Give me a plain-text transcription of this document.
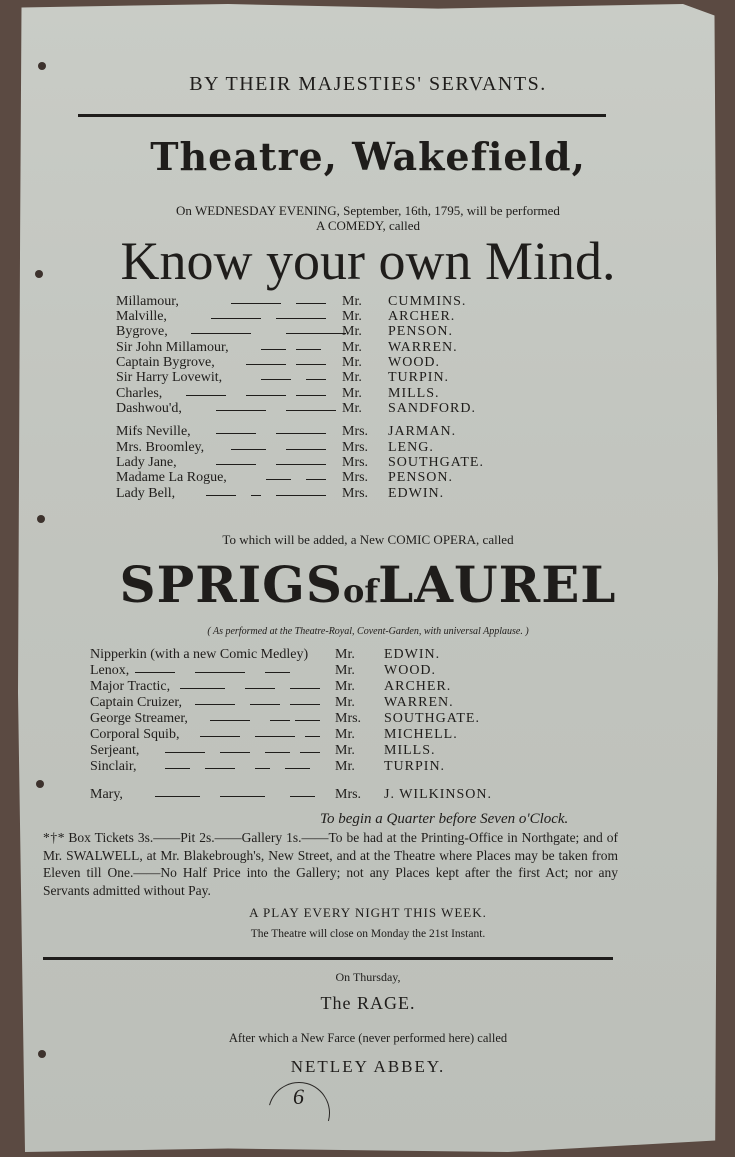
BY THEIR MAJESTIES' SERVANTS.
Theatre, Wakefield,
On WEDNESDAY EVENING, September, 16th, 1795, will be performed
A COMEDY, called
Know your own Mind.
Millamour,	Mr. CUMMINS.
Malville,	Mr. ARCHER.
Bygrove,	Mr. PENSON.
Sir John Millamour,	Mr. WARREN.
Captain Bygrove,	Mr. WOOD.
Sir Harry Lovewit,	Mr. TURPIN.
Charles,	Mr. MILLS.
Dashwou'd,	Mr. SANDFORD.
Mifs Neville,	Mrs. JARMAN.
Mrs. Broomley,	Mrs. LENG.
Lady Jane,	Mrs. SOUTHGATE.
Madame La Rogue,	Mrs. PENSON.
Lady Bell,	Mrs. EDWIN.
To which will be added, a New COMIC OPERA, called
SPRIGSofLAUREL
( As performed at the Theatre-Royal, Covent-Garden, with universal Applause. )
Nipperkin (with a new Comic Medley) Mr. EDWIN.
Lenox,	Mr. WOOD.
Major Tractic,	Mr. ARCHER.
Captain Cruizer,	Mr. WARREN.
George Streamer,	Mrs. SOUTHGATE.
Corporal Squib,	Mr. MICHELL.
Serjeant,	Mr. MILLS.
Sinclair,	Mr. TURPIN.
Mary,	Mrs. J. WILKINSON.
To begin a Quarter before Seven o'Clock.
*†* Box Tickets 3s.——Pit 2s.——Gallery 1s.——To be had at the Printing-Office in Northgate; and of Mr. SWALWELL, at Mr. Blakebrough's, New Street, and at the Theatre where Places may be taken from Eleven till One.——No Half Price into the Gallery; not any Places kept after the first Act; nor any Servants admitted without Pay.
A PLAY EVERY NIGHT THIS WEEK.
The Theatre will close on Monday the 21st Instant.
On Thursday,
The RAGE.
After which a New Farce (never performed here) called
NETLEY ABBEY.
6
